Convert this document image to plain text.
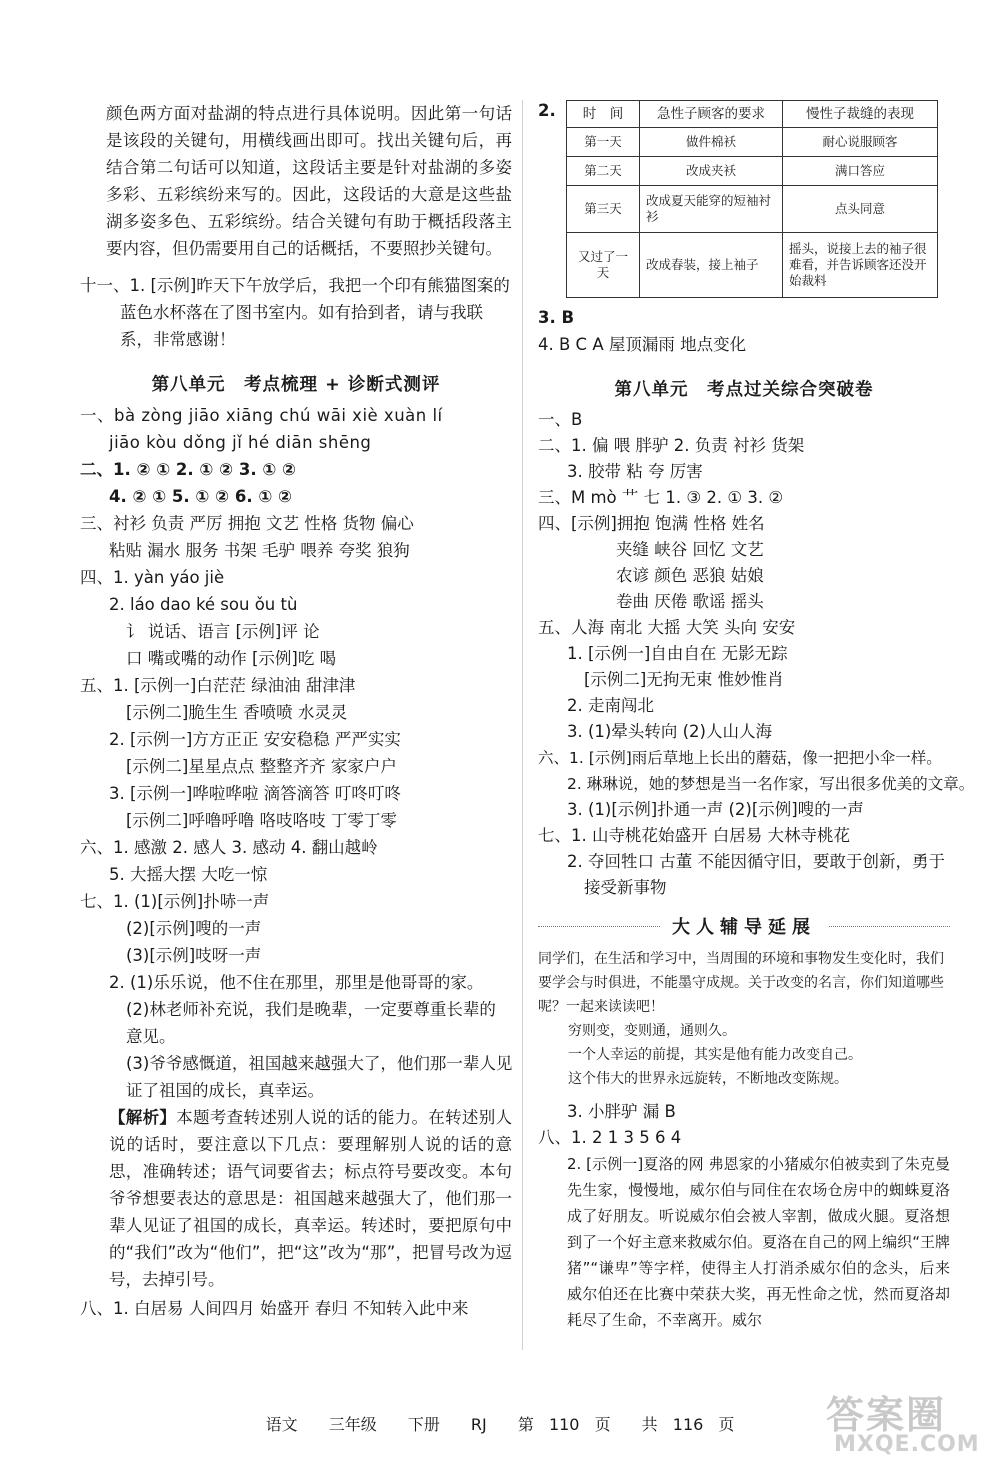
颜色两方面对盐湖的特点进行具体说明。因此第一句话是该段的关键句，用横线画出即可。找出关键句后，再结合第二句话可以知道，这段话主要是针对盐湖的多姿多彩、五彩缤纷来写的。因此，这段话的大意是这些盐湖多姿多色、五彩缤纷。结合关键句有助于概括段落主要内容，但仍需要用自己的话概括，不要照抄关键句。
十一、1. [示例]昨天下午放学后，我把一个印有熊猫图案的
蓝色水杯落在了图书室内。如有拾到者，请与我联
系，非常感谢！
第八单元　考点梳理 + 诊断式测评
一、bà zòng jiāo xiāng chú wāi xiè xuàn lí
jiāo kòu dǒng jǐ hé diān shēng
二、1. ② ① 2. ① ② 3. ① ②
4. ② ① 5. ① ② 6. ① ②
三、衬衫 负责 严厉 拥抱 文艺 性格 货物 偏心
粘贴 漏水 服务 书架 毛驴 喂养 夸奖 狼狗
四、1. yàn yáo jiè
2. láo dao ké sou ǒu tù
讠 说话、语言 [示例]评 论
⼝ 嘴或嘴的动作 [示例]吃 喝
五、1. [示例一]白茫茫 绿油油 甜津津
[示例二]脆生生 香喷喷 水灵灵
2. [示例一]方方正正 安安稳稳 严严实实
[示例二]星星点点 整整齐齐 家家户户
3. [示例一]哗啦哗啦 滴答滴答 叮咚叮咚
[示例二]呼噜呼噜 咯吱咯吱 丁零丁零
六、1. 感激 2. 感人 3. 感动 4. 翻山越岭
5. 大摇大摆 大吃一惊
七、1. (1)[示例]扑哧一声
(2)[示例]嗖的一声
(3)[示例]吱呀一声
2. (1)乐乐说，他不住在那里，那里是他哥哥的家。
(2)林老师补充说，我们是晚辈，一定要尊重长辈的
意见。
(3)爷爷感慨道，祖国越来越强大了，他们那一辈人见
证了祖国的成长，真幸运。
【解析】本题考查转述别人说的话的能力。在转述别人说的话时，要注意以下几点：要理解别人说的话的意思，准确转述；语气词要省去；标点符号要改变。本句爷爷想要表达的意思是：祖国越来越强大了，他们那一辈人见证了祖国的成长，真幸运。转述时，要把原句中的“我们”改为“他们”，把“这”改为“那”，把冒号改为逗号，去掉引号。
八、1. 白居易 人间四月 始盛开 春归 不知转入此中来
2.	时　间	急性子顾客的要求	慢性子裁缝的表现
第一天	做件棉袄	耐心说服顾客
第二天	改成夹袄	满口答应
第三天	改成夏天能穿的短袖衬衫	点头同意
又过了一天	改成春装，接上袖子	摇头，说接上去的袖子很难看，并告诉顾客还没开始裁料
3. B
4. B C A 屋顶漏雨 地点变化
第八单元　考点过关综合突破卷
一、B
二、1. 偏 喂 胖驴 2. 负责 衬衫 货架
3. 胶带 粘 夸 厉害
三、M mò 艹 七 1. ③ 2. ① 3. ②
四、[示例]拥抱 饱满 性格 姓名
夹缝 峡谷 回忆 文艺
农谚 颜色 恶狼 姑娘
卷曲 厌倦 歌谣 摇头
五、人海 南北 大摇 大笑 头向 安安
1. [示例一]自由自在 无影无踪
[示例二]无拘无束 惟妙惟肖
2. 走南闯北
3. (1)晕头转向 (2)人山人海
六、1. [示例]雨后草地上长出的蘑菇，像一把把小伞一样。
2. 琳琳说，她的梦想是当一名作家，写出很多优美的文章。
3. (1)[示例]扑通一声 (2)[示例]嗖的一声
七、1. 山寺桃花始盛开 白居易 大林寺桃花
2. 夺回牲口 古董 不能因循守旧，要敢于创新，勇于
接受新事物
大人辅导延展
同学们，在生活和学习中，当周围的环境和事物发生变化时，我们要学会与时俱进，不能墨守成规。关于改变的名言，你们知道哪些呢？一起来读读吧！
穷则变，变则通，通则久。
一个人幸运的前提，其实是他有能力改变自己。
这个伟大的世界永远旋转，不断地改变陈规。
3. 小胖驴 漏 B
八、1. 2 1 3 5 6 4
2. [示例一]夏洛的网 弗恩家的小猪威尔伯被卖到了朱克曼先生家，慢慢地，威尔伯与同住在农场仓房中的蜘蛛夏洛成了好朋友。听说威尔伯会被人宰割，做成火腿。夏洛想到了一个好主意来救威尔伯。夏洛在自己的网上编织“王牌猪”“谦卑”等字样，使得主人打消杀威尔伯的念头，后来威尔伯还在比赛中荣获大奖，再无性命之忧，然而夏洛却耗尽了生命，不幸离开。威尔
语文 三年级 下册 RJ 第 110 页 共 116 页	答案圈
MXQE.COM
